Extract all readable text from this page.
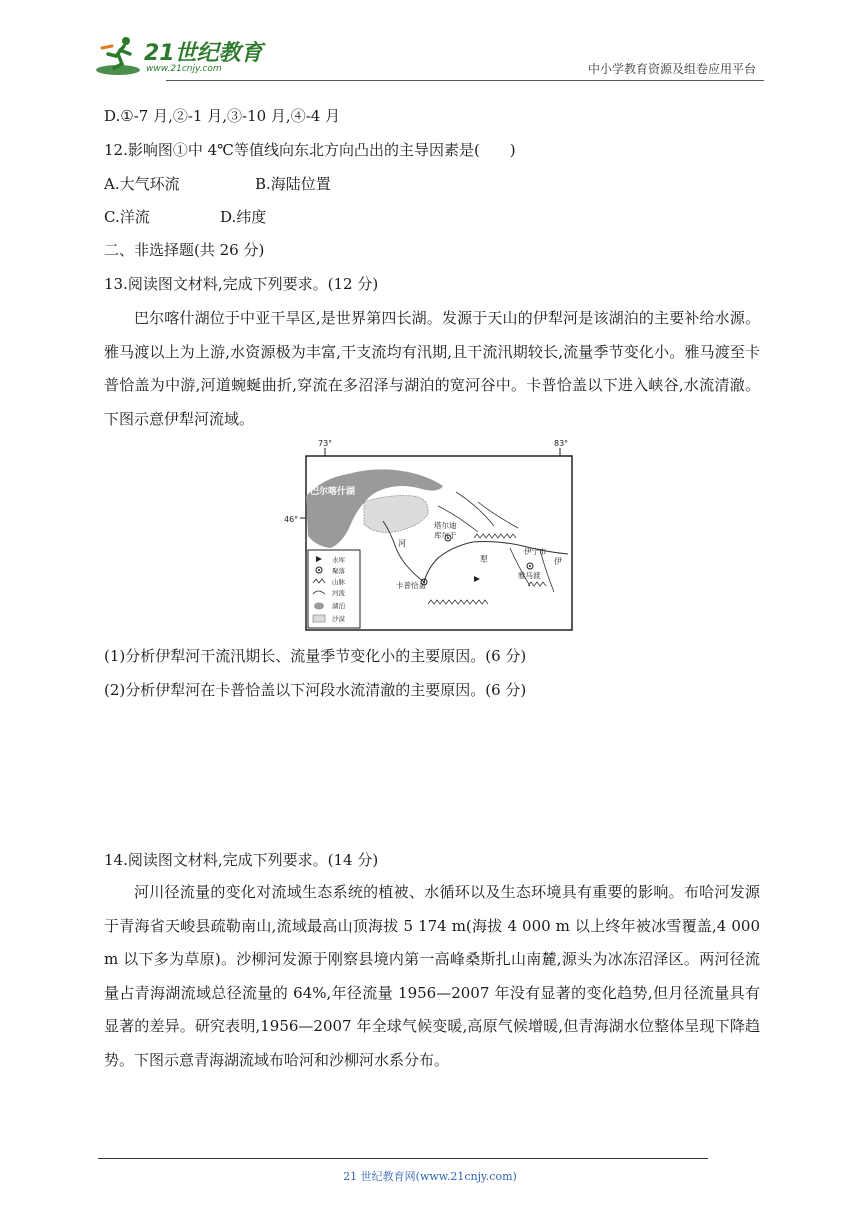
21世纪教育
www.21cnjy.com	中小学教育资源及组卷应用平台
D.①-7 月,②-1 月,③-10 月,④-4 月
12.影响图①中 4℃等值线向东北方向凸出的主导因素是(　　)
A.大气环流	B.海陆位置
C.洋流	D.纬度
二、非选择题(共 26 分)
13.阅读图文材料,完成下列要求。(12 分)
巴尔喀什湖位于中亚干旱区,是世界第四长湖。发源于天山的伊犁河是该湖泊的主要补给水源。雅马渡以上为上游,水资源极为丰富,干支流均有汛期,且干流汛期较长,流量季节变化小。雅马渡至卡普恰盖为中游,河道蜿蜒曲折,穿流在多沼泽与湖泊的宽河谷中。卡普恰盖以下进入峡谷,水流清澈。下图示意伊犁河流域。
73°	83°
46°
巴尔喀什湖
塔尔迪
库尔干
河
犁	伊
伊宁市
雅马渡
卡普恰盖
水库
聚落
山脉
河流
湖泊
沙漠
(1)分析伊犁河干流汛期长、流量季节变化小的主要原因。(6 分)
(2)分析伊犁河在卡普恰盖以下河段水流清澈的主要原因。(6 分)
14.阅读图文材料,完成下列要求。(14 分)
河川径流量的变化对流域生态系统的植被、水循环以及生态环境具有重要的影响。布哈河发源于青海省天峻县疏勒南山,流域最高山顶海拔 5 174 m(海拔 4 000 m 以上终年被冰雪覆盖,4 000 m 以下多为草原)。沙柳河发源于刚察县境内第一高峰桑斯扎山南麓,源头为冰冻沼泽区。两河径流量占青海湖流域总径流量的 64%,年径流量 1956—2007 年没有显著的变化趋势,但月径流量具有显著的差异。研究表明,1956—2007 年全球气候变暖,高原气候增暖,但青海湖水位整体呈现下降趋势。下图示意青海湖流域布哈河和沙柳河水系分布。
21 世纪教育网(www.21cnjy.com)
